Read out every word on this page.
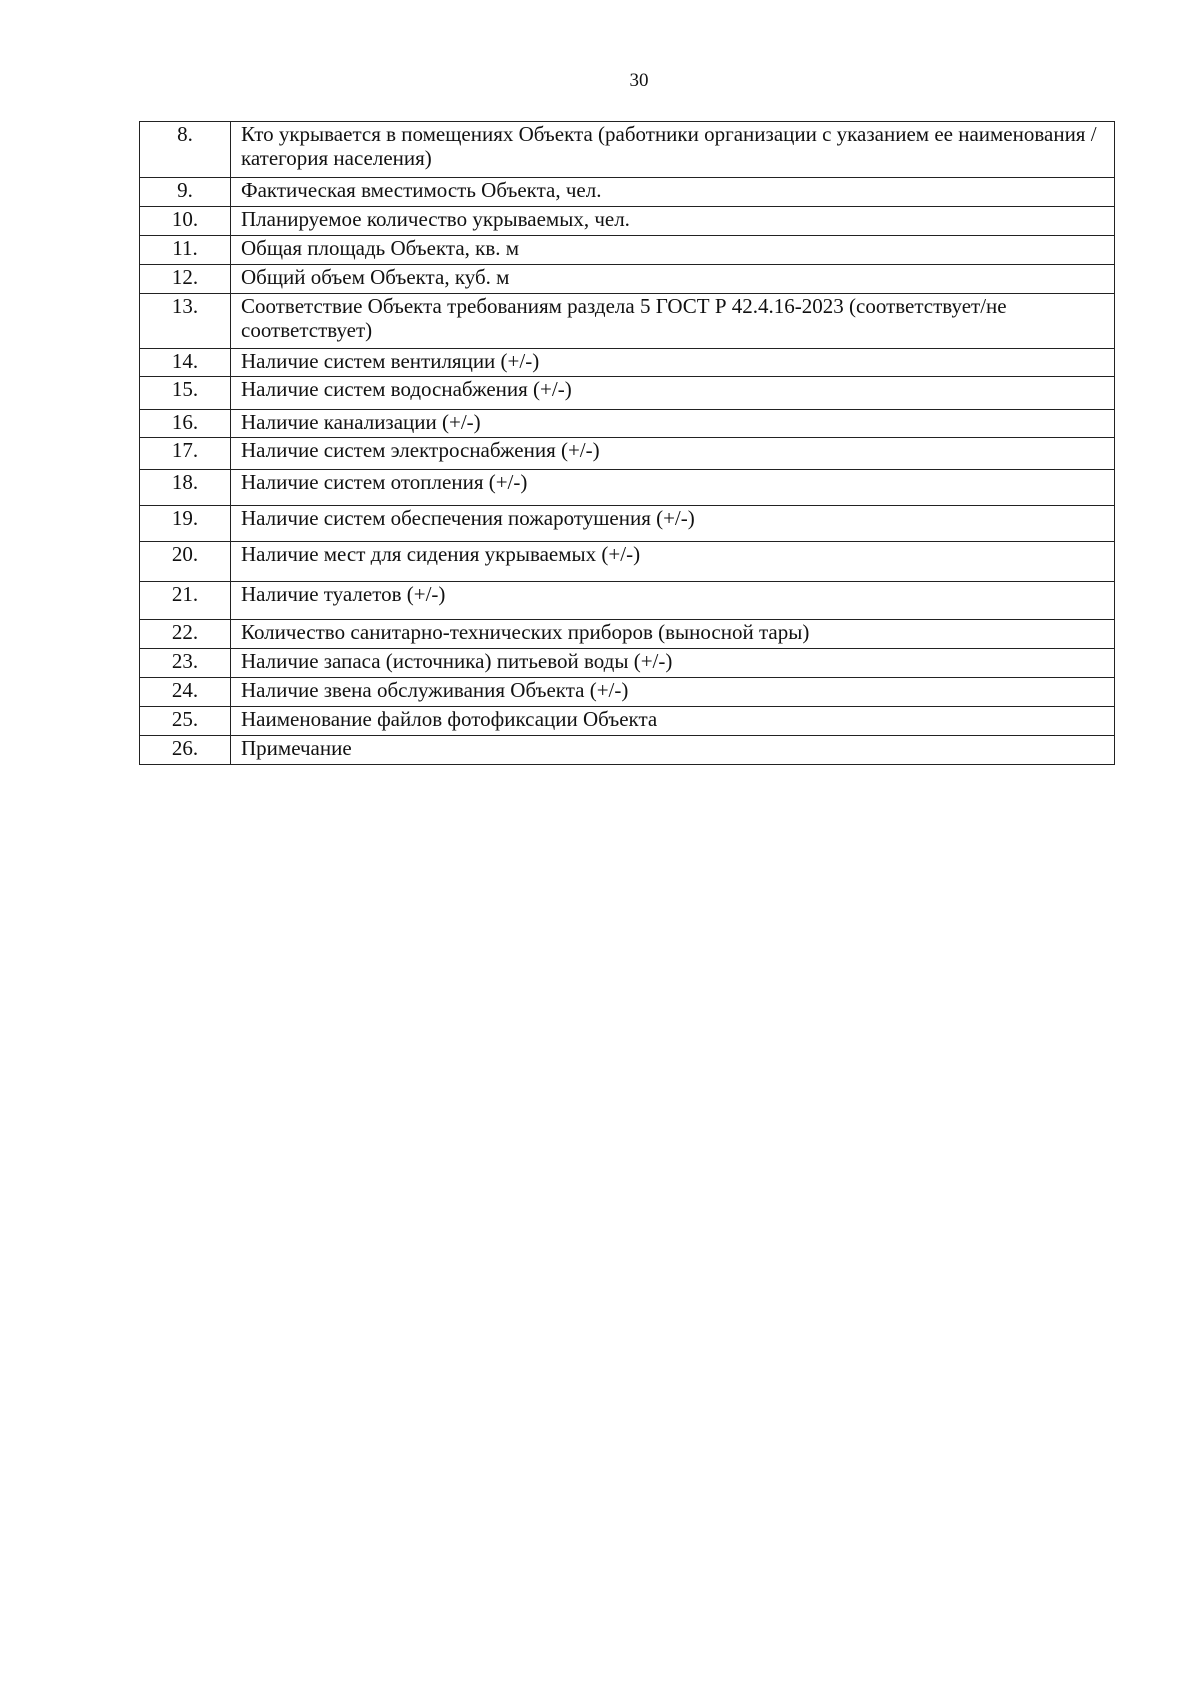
30
8.	Кто укрывается в помещениях Объекта (работники организации с указанием ее наименования /категория населения)
9.	Фактическая вместимость Объекта, чел.
10.	Планируемое количество укрываемых, чел.
11.	Общая площадь Объекта, кв. м
12.	Общий объем Объекта, куб. м
13.	Соответствие Объекта требованиям раздела 5 ГОСТ Р 42.4.16-2023 (соответствует/не соответствует)
14.	Наличие систем вентиляции (+/-)
15.	Наличие систем водоснабжения (+/-)
16.	Наличие канализации (+/-)
17.	Наличие систем электроснабжения (+/-)
18.	Наличие систем отопления (+/-)
19.	Наличие систем обеспечения пожаротушения (+/-)
20.	Наличие мест для сидения укрываемых (+/-)
21.	Наличие туалетов (+/-)
22.	Количество санитарно-технических приборов (выносной тары)
23.	Наличие запаса (источника) питьевой воды (+/-)
24.	Наличие звена обслуживания Объекта (+/-)
25.	Наименование файлов фотофиксации Объекта
26.	Примечание
